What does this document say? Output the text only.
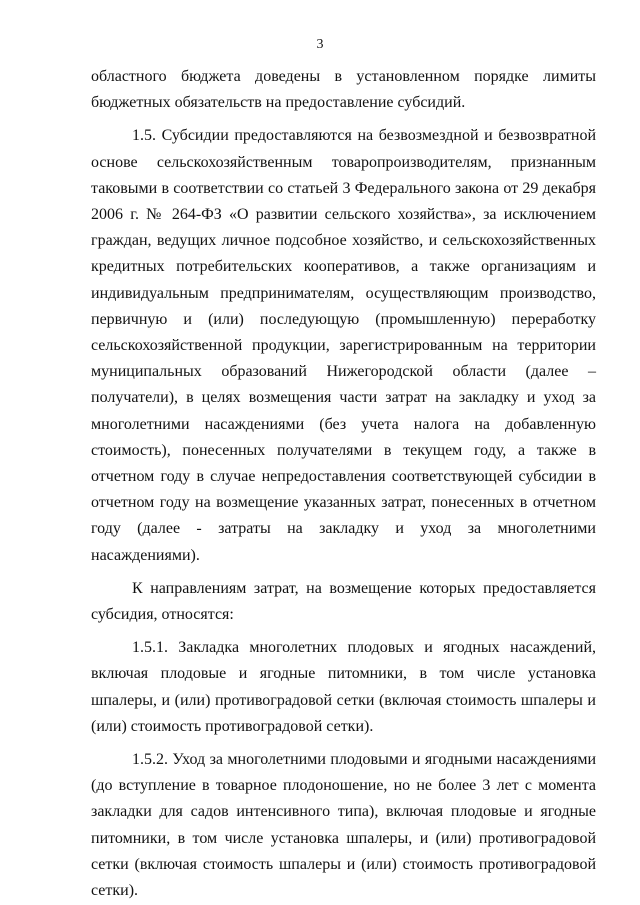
3

областного бюджета доведены в установленном порядке лимиты бюджетных обязательств на предоставление субсидий.

1.5. Субсидии предоставляются на безвозмездной и безвозвратной основе сельскохозяйственным товаропроизводителям, признанным таковыми в соответствии со статьей 3 Федерального закона от 29 декабря 2006 г. № 264-ФЗ «О развитии сельского хозяйства», за исключением граждан, ведущих личное подсобное хозяйство, и сельскохозяйственных кредитных потребительских кооперативов, а также организациям и индивидуальным предпринимателям, осуществляющим производство, первичную и (или) последующую (промышленную) переработку сельскохозяйственной продукции, зарегистрированным на территории муниципальных образований Нижегородской области (далее – получатели), в целях возмещения части затрат на закладку и уход за многолетними насаждениями (без учета налога на добавленную стоимость), понесенных получателями в текущем году, а также в отчетном году в случае непредоставления соответствующей субсидии в отчетном году на возмещение указанных затрат, понесенных в отчетном году (далее - затраты на закладку и уход за многолетними насаждениями).

К направлениям затрат, на возмещение которых предоставляется субсидия, относятся:

1.5.1. Закладка многолетних плодовых и ягодных насаждений, включая плодовые и ягодные питомники, в том числе установка шпалеры, и (или) противоградовой сетки (включая стоимость шпалеры и (или) стоимость противоградовой сетки).

1.5.2. Уход за многолетними плодовыми и ягодными насаждениями (до вступление в товарное плодоношение, но не более 3 лет с момента закладки для садов интенсивного типа), включая плодовые и ягодные питомники, в том числе установка шпалеры, и (или) противоградовой сетки (включая стоимость шпалеры и (или) стоимость противоградовой сетки).
